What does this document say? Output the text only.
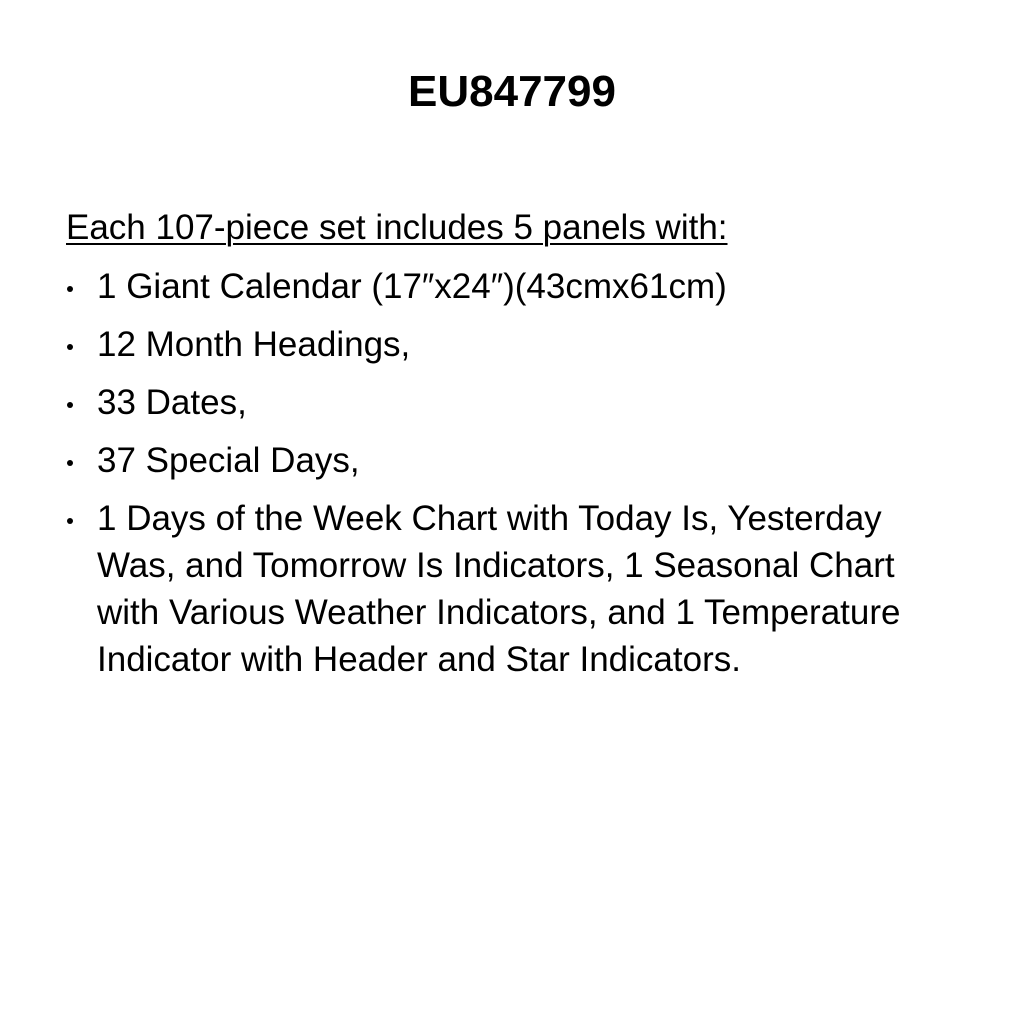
EU847799

Each 107-piece set includes 5 panels with:

1 Giant Calendar (17″x24″)(43cmx61cm)
12 Month Headings,
33 Dates,
37 Special Days,
1 Days of the Week Chart with Today Is, Yesterday Was, and Tomorrow Is Indicators, 1 Seasonal Chart with Various Weather Indicators, and 1 Temperature Indicator with Header and Star Indicators.
